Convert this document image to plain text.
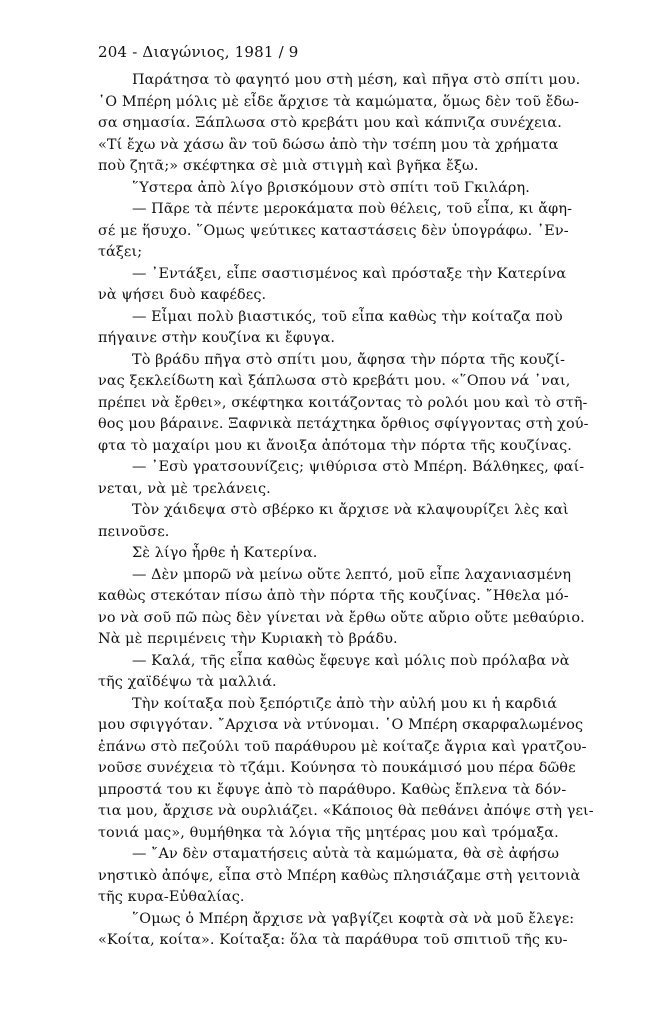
204 - Διαγώνιος, 1981 / 9
Παράτησα τὸ φαγητό μου στὴ μέση, καὶ πῆγα στὸ σπίτι μου.
῾Ο Μπέρη μόλις μὲ εἶδε ἄρχισε τὰ καμώματα, ὅμως δὲν τοῦ ἔδω-
σα σημασία. Ξάπλωσα στὸ κρεβάτι μου καὶ κάπνιζα συνέχεια.
«Τί ἔχω νὰ χάσω ἂν τοῦ δώσω ἀπὸ τὴν τσέπη μου τὰ χρήματα
ποὺ ζητᾶ;» σκέφτηκα σὲ μιὰ στιγμὴ καὶ βγῆκα ἔξω.
῞Υστερα ἀπὸ λίγο βρισκόμουν στὸ σπίτι τοῦ Γκιλάρη.
— Πᾶρε τὰ πέντε μεροκάματα ποὺ θέλεις, τοῦ εἶπα, κι ἄφη-
σέ με ἥσυχο. ῞Ομως ψεύτικες καταστάσεις δὲν ὑπογράφω. ᾿Εν-
τάξει;
— ᾿Εντάξει, εἶπε σαστισμένος καὶ πρόσταξε τὴν Κατερίνα
νὰ ψήσει δυὸ καφέδες.
— Εἶμαι πολὺ βιαστικός, τοῦ εἶπα καθὼς τὴν κοίταζα ποὺ
πήγαινε στὴν κουζίνα κι ἔφυγα.
Τὸ βράδυ πῆγα στὸ σπίτι μου, ἄφησα τὴν πόρτα τῆς κουζί-
νας ξεκλείδωτη καὶ ξάπλωσα στὸ κρεβάτι μου. «῞Οπου νά ᾿ναι,
πρέπει νὰ ἔρθει», σκέφτηκα κοιτάζοντας τὸ ρολόι μου καὶ τὸ στῆ-
θος μου βάραινε. Ξαφνικὰ πετάχτηκα ὄρθιος σφίγγοντας στὴ χού-
φτα τὸ μαχαίρι μου κι ἄνοιξα ἀπότομα τὴν πόρτα τῆς κουζίνας.
— ᾿Εσὺ γρατσουνίζεις; ψιθύρισα στὸ Μπέρη. Βάλθηκες, φαί-
νεται, νὰ μὲ τρελάνεις.
Τὸν χάιδεψα στὸ σβέρκο κι ἄρχισε νὰ κλαψουρίζει λὲς καὶ
πεινοῦσε.
Σὲ λίγο ἦρθε ἡ Κατερίνα.
— Δὲν μπορῶ νὰ μείνω οὔτε λεπτό, μοῦ εἶπε λαχανιασμένη
καθὼς στεκόταν πίσω ἀπὸ τὴν πόρτα τῆς κουζίνας. ῎Ηθελα μό-
νο νὰ σοῦ πῶ πὼς δὲν γίνεται νὰ ἔρθω οὔτε αὔριο οὔτε μεθαύριο.
Νὰ μὲ περιμένεις τὴν Κυριακὴ τὸ βράδυ.
— Καλά, τῆς εἶπα καθὼς ἔφευγε καὶ μόλις ποὺ πρόλαβα νὰ
τῆς χαϊδέψω τὰ μαλλιά.
Τὴν κοίταξα ποὺ ξεπόρτιζε ἀπὸ τὴν αὐλή μου κι ἡ καρδιά
μου σφιγγόταν. ῎Αρχισα νὰ ντύνομαι. ῾Ο Μπέρη σκαρφαλωμένος
ἐπάνω στὸ πεζούλι τοῦ παράθυρου μὲ κοίταζε ἄγρια καὶ γρατζου-
νοῦσε συνέχεια τὸ τζάμι. Κούνησα τὸ πουκάμισό μου πέρα δῶθε
μπροστά του κι ἔφυγε ἀπὸ τὸ παράθυρο. Καθὼς ἔπλενα τὰ δόν-
τια μου, ἄρχισε νὰ ουρλιάζει. «Κάποιος θὰ πεθάνει ἀπόψε στὴ γει-
τονιά μας», θυμήθηκα τὰ λόγια τῆς μητέρας μου καὶ τρόμαξα.
— ῎Αν δὲν σταματήσεις αὐτὰ τὰ καμώματα, θὰ σὲ ἀφήσω
νηστικὸ ἀπόψε, εἶπα στὸ Μπέρη καθὼς πλησιάζαμε στὴ γειτονιὰ
τῆς κυρα-Εὐθαλίας.
῞Ομως ὁ Μπέρη ἄρχισε νὰ γαβγίζει κοφτὰ σὰ νὰ μοῦ ἔλεγε:
«Κοίτα, κοίτα». Κοίταξα: ὅλα τὰ παράθυρα τοῦ σπιτιοῦ τῆς κυ-
